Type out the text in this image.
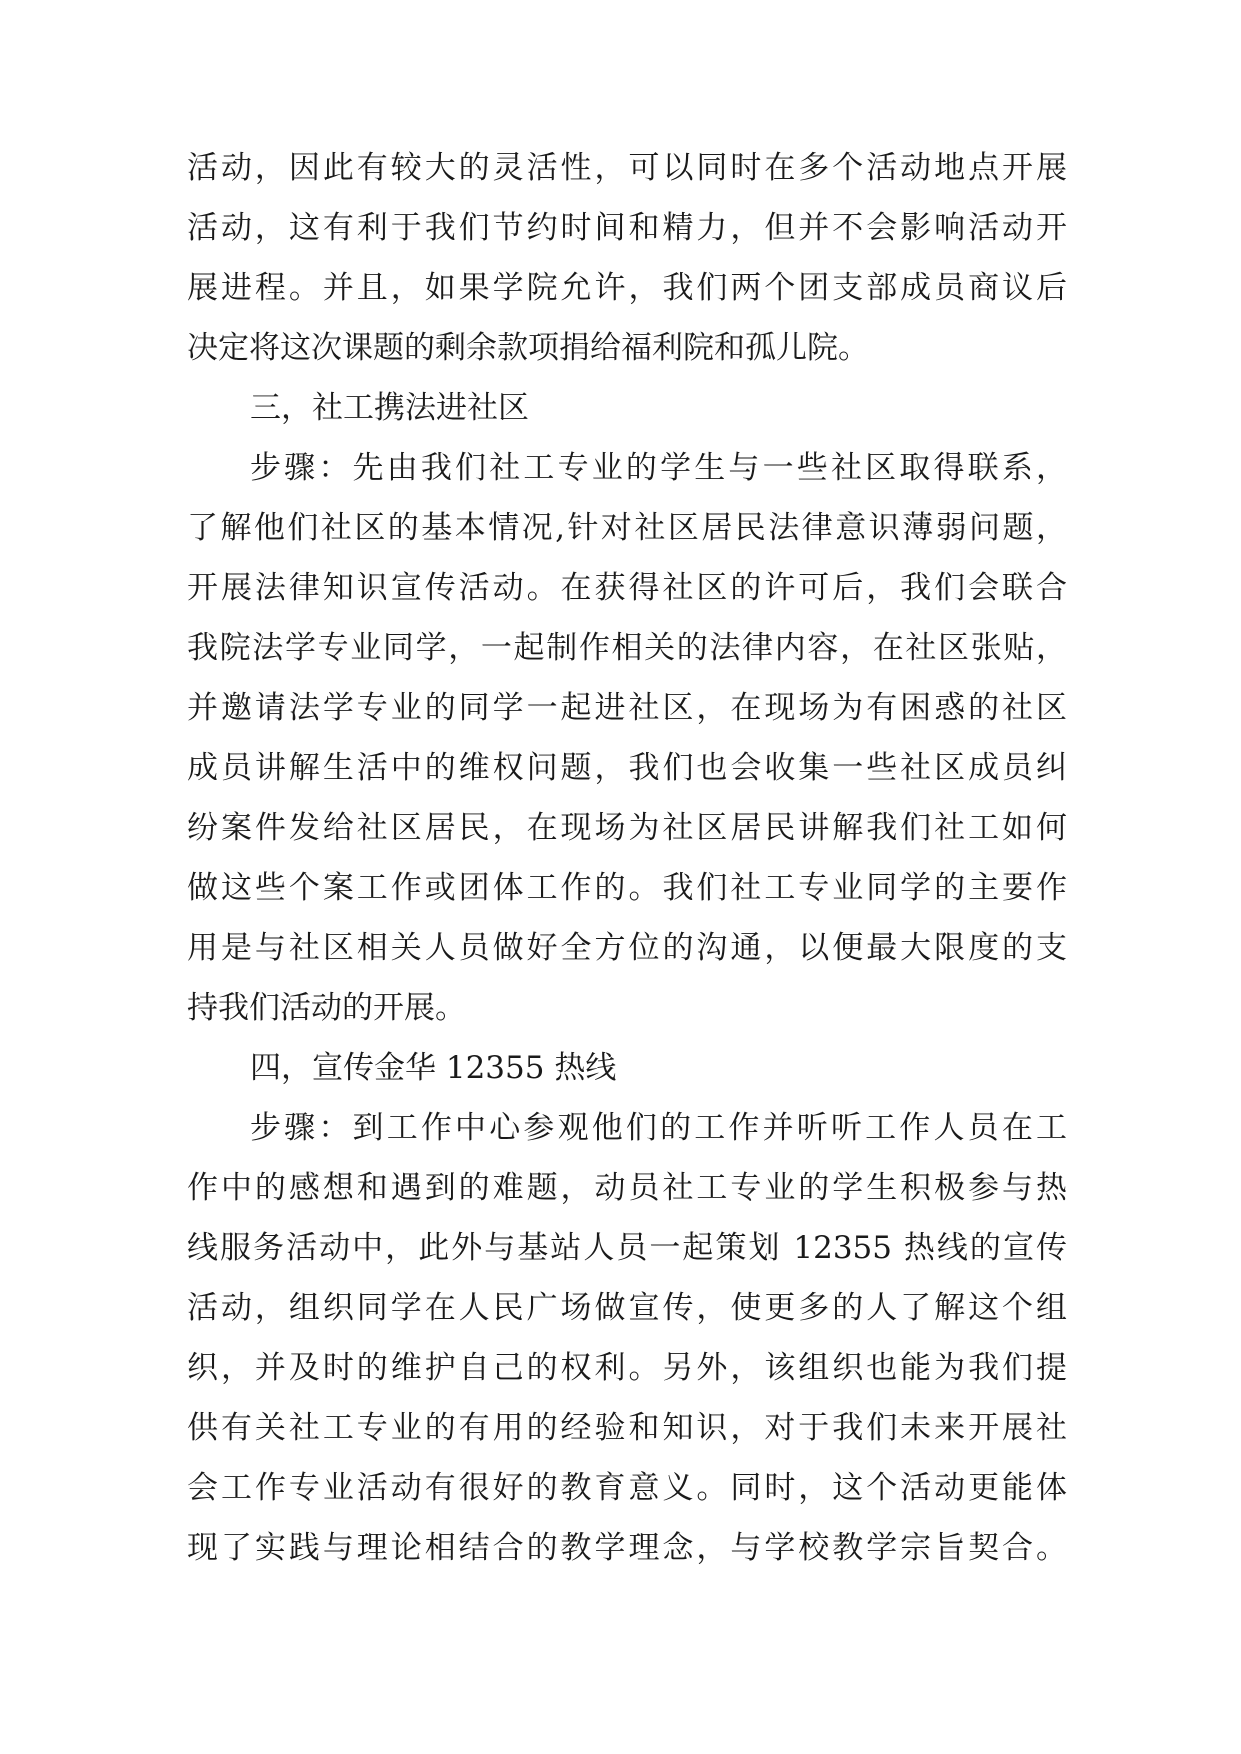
活动，因此有较大的灵活性，可以同时在多个活动地点开展
活动，这有利于我们节约时间和精力，但并不会影响活动开
展进程。并且，如果学院允许，我们两个团支部成员商议后
决定将这次课题的剩余款项捐给福利院和孤儿院。
三，社工携法进社区
步骤：先由我们社工专业的学生与一些社区取得联系，
了解他们社区的基本情况,针对社区居民法律意识薄弱问题，
开展法律知识宣传活动。在获得社区的许可后，我们会联合
我院法学专业同学，一起制作相关的法律内容，在社区张贴，
并邀请法学专业的同学一起进社区，在现场为有困惑的社区
成员讲解生活中的维权问题，我们也会收集一些社区成员纠
纷案件发给社区居民，在现场为社区居民讲解我们社工如何
做这些个案工作或团体工作的。我们社工专业同学的主要作
用是与社区相关人员做好全方位的沟通，以便最大限度的支
持我们活动的开展。
四，宣传金华 12355 热线
步骤：到工作中心参观他们的工作并听听工作人员在工
作中的感想和遇到的难题，动员社工专业的学生积极参与热
线服务活动中，此外与基站人员一起策划 12355 热线的宣传
活动，组织同学在人民广场做宣传，使更多的人了解这个组
织，并及时的维护自己的权利。另外，该组织也能为我们提
供有关社工专业的有用的经验和知识，对于我们未来开展社
会工作专业活动有很好的教育意义。同时，这个活动更能体
现了实践与理论相结合的教学理念，与学校教学宗旨契合。
